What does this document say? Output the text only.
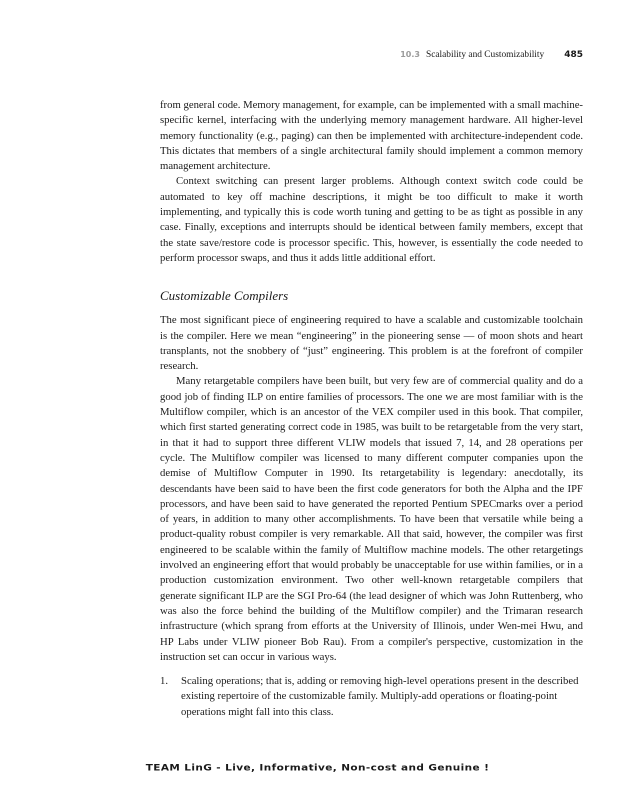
10.3 Scalability and Customizability 485

from general code. Memory management, for example, can be implemented with a small machine-specific kernel, interfacing with the underlying memory management hardware. All higher-level memory functionality (e.g., paging) can then be implemented with architecture-independent code. This dictates that members of a single architectural family should implement a common memory management architecture.

Context switching can present larger problems. Although context switch code could be automated to key off machine descriptions, it might be too difficult to make it worth implementing, and typically this is code worth tuning and getting to be as tight as possible in any case. Finally, exceptions and interrupts should be identical between family members, except that the state save/restore code is processor specific. This, however, is essentially the code needed to perform processor swaps, and thus it adds little additional effort.

Customizable Compilers

The most significant piece of engineering required to have a scalable and customizable toolchain is the compiler. Here we mean “engineering” in the pioneering sense — of moon shots and heart transplants, not the snobbery of “just” engineering. This problem is at the forefront of compiler research.

Many retargetable compilers have been built, but very few are of commercial quality and do a good job of finding ILP on entire families of processors. The one we are most familiar with is the Multiflow compiler, which is an ancestor of the VEX compiler used in this book. That compiler, which first started generating correct code in 1985, was built to be retargetable from the very start, in that it had to support three different VLIW models that issued 7, 14, and 28 operations per cycle. The Multiflow compiler was licensed to many different computer companies upon the demise of Multiflow Computer in 1990. Its retargetability is legendary: anecdotally, its descendants have been said to have been the first code generators for both the Alpha and the IPF processors, and have been said to have generated the reported Pentium SPECmarks over a period of years, in addition to many other accomplishments. To have been that versatile while being a product-quality robust compiler is very remarkable. All that said, however, the compiler was first engineered to be scalable within the family of Multiflow machine models. The other retargetings involved an engineering effort that would probably be unacceptable for use within families, or in a production customization environment. Two other well-known retargetable compilers that generate significant ILP are the SGI Pro-64 (the lead designer of which was John Ruttenberg, who was also the force behind the building of the Multiflow compiler) and the Trimaran research infrastructure (which sprang from efforts at the University of Illinois, under Wen-mei Hwu, and HP Labs under VLIW pioneer Bob Rau). From a compiler's perspective, customization in the instruction set can occur in various ways.

1.	Scaling operations; that is, adding or removing high-level operations present in the described existing repertoire of the customizable family. Multiply-add operations or floating-point operations might fall into this class.
TEAM LinG - Live, Informative, Non-cost and Genuine !
